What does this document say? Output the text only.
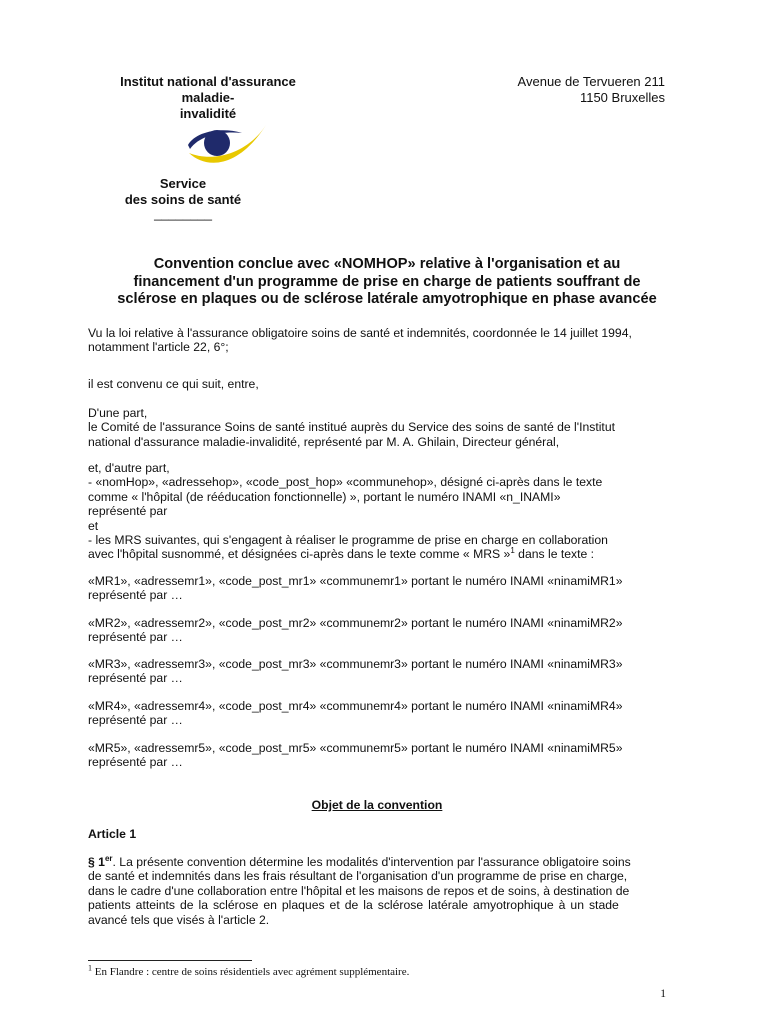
Institut national d'assurance
maladie-
invalidité
Avenue de Tervueren 211
1150 Bruxelles
Service
des soins de santé
________
Convention conclue avec «NOMHOP» relative à l'organisation et au
financement d'un programme de prise en charge de patients souffrant de
sclérose en plaques ou de sclérose latérale amyotrophique en phase avancée
Vu la loi relative à l'assurance obligatoire soins de santé et indemnités, coordonnée le 14 juillet 1994,
notamment l'article 22, 6°;
il est convenu ce qui suit, entre,
D'une part,
le Comité de l'assurance Soins de santé institué auprès du Service des soins de santé de l'Institut
national d'assurance maladie-invalidité, représenté par M. A. Ghilain, Directeur général,
et, d'autre part,
- «nomHop», «adressehop», «code_post_hop» «communehop», désigné ci-après dans le texte
comme « l'hôpital (de rééducation fonctionnelle) », portant le numéro INAMI «n_INAMI»
représenté par
et
- les MRS suivantes, qui s'engagent à réaliser le programme de prise en charge en collaboration
avec l'hôpital susnommé, et désignées ci-après dans le texte comme « MRS »$^1$ dans le texte :
«MR1», «adressemr1», «code_post_mr1» «communemr1» portant le numéro INAMI «ninamiMR1»
représenté par …
«MR2», «adressemr2», «code_post_mr2» «communemr2» portant le numéro INAMI «ninamiMR2»
représenté par …
«MR3», «adressemr3», «code_post_mr3» «communemr3» portant le numéro INAMI «ninamiMR3»
représenté par …
«MR4», «adressemr4», «code_post_mr4» «communemr4» portant le numéro INAMI «ninamiMR4»
représenté par …
«MR5», «adressemr5», «code_post_mr5» «communemr5» portant le numéro INAMI «ninamiMR5»
représenté par …
Objet de la convention
Article 1
§ 1er. La présente convention détermine les modalités d'intervention par l'assurance obligatoire soins
de santé et indemnités dans les frais résultant de l'organisation d'un programme de prise en charge,
dans le cadre d'une collaboration entre l'hôpital et les maisons de repos et de soins, à destination de
patients atteints de la sclérose en plaques et de la sclérose latérale amyotrophique à un stade
avancé tels que visés à l'article 2.
$^1$ En Flandre : centre de soins résidentiels avec agrément supplémentaire.
1
